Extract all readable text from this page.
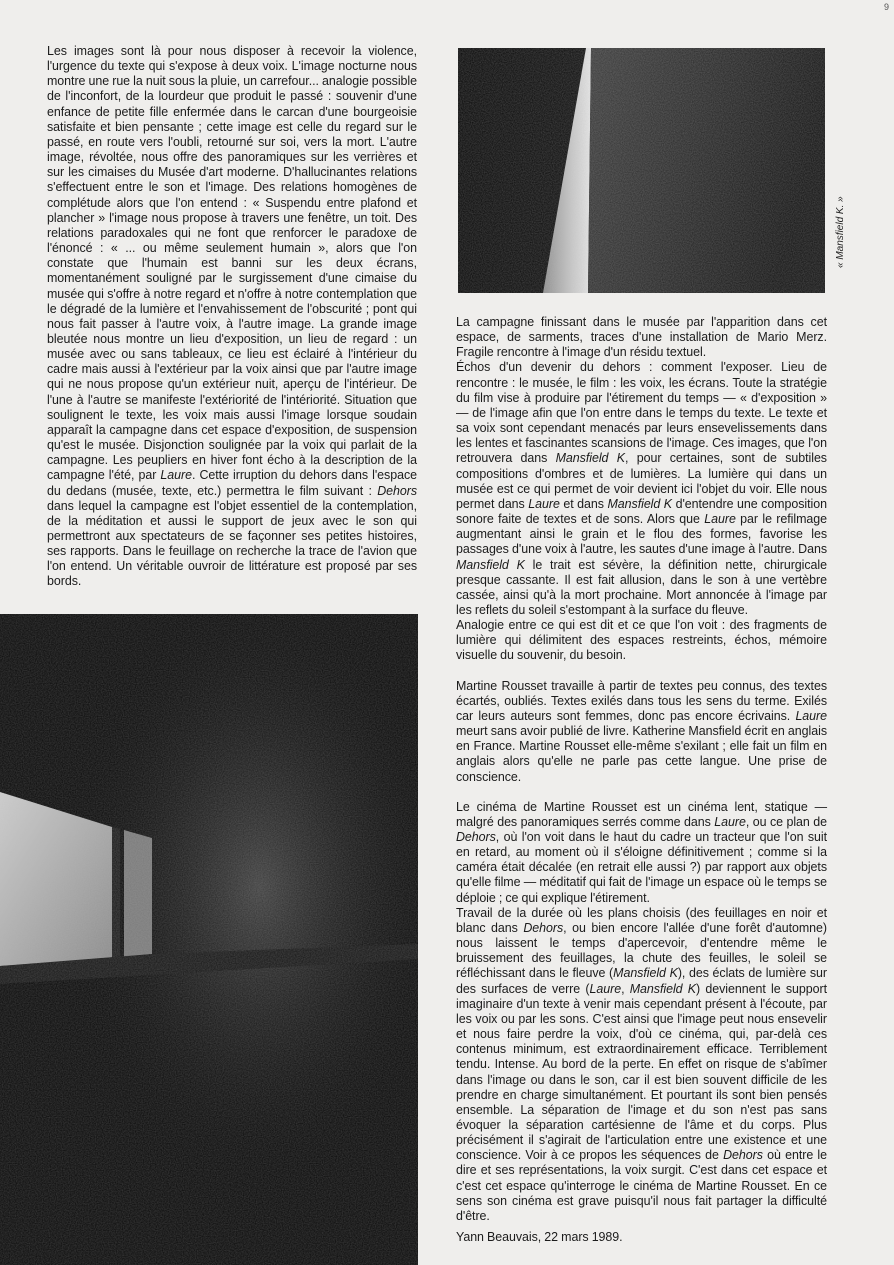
9

Les images sont là pour nous disposer à recevoir la violence, l'urgence du texte qui s'expose à deux voix. L'image nocturne nous montre une rue la nuit sous la pluie, un carrefour... analogie possible de l'inconfort, de la lourdeur que produit le passé : souvenir d'une enfance de petite fille enfermée dans le carcan d'une bourgeoisie satisfaite et bien pensante ; cette image est celle du regard sur le passé, en route vers l'oubli, retourné sur soi, vers la mort. L'autre image, révoltée, nous offre des panoramiques sur les verrières et sur les cimaises du Musée d'art moderne. D'hallucinantes relations s'effectuent entre le son et l'image. Des relations homogènes de complétude alors que l'on entend : « Suspendu entre plafond et plancher » l'image nous propose à travers une fenêtre, un toit. Des relations paradoxales qui ne font que renforcer le paradoxe de l'énoncé : « ... ou même seulement humain », alors que l'on constate que l'humain est banni sur les deux écrans, momentanément souligné par le surgissement d'une cimaise du musée qui s'offre à notre regard et n'offre à notre contemplation que le dégradé de la lumière et l'envahissement de l'obscurité ; pont qui nous fait passer à l'autre voix, à l'autre image. La grande image bleutée nous montre un lieu d'exposition, un lieu de regard : un musée avec ou sans tableaux, ce lieu est éclairé à l'intérieur du cadre mais aussi à l'extérieur par la voix ainsi que par l'autre image qui ne nous propose qu'un extérieur nuit, aperçu de l'intérieur. De l'une à l'autre se manifeste l'extériorité de l'intériorité. Situation que soulignent le texte, les voix mais aussi l'image lorsque soudain apparaît la campagne dans cet espace d'exposition, de suspension qu'est le musée. Disjonction soulignée par la voix qui parlait de la campagne. Les peupliers en hiver font écho à la description de la campagne l'été, par Laure. Cette irruption du dehors dans l'espace du dedans (musée, texte, etc.) permettra le film suivant : Dehors dans lequel la campagne est l'objet essentiel de la contemplation, de la méditation et aussi le support de jeux avec le son qui permettront aux spectateurs de se façonner ses petites histoires, ses rapports. Dans le feuillage on recherche la trace de l'avion que l'on entend. Un véritable ouvroir de littérature est proposé par ses bords.

« Mansfield K. »

La campagne finissant dans le musée par l'apparition dans cet espace, de sarments, traces d'une installation de Mario Merz. Fragile rencontre à l'image d'un résidu textuel.

Échos d'un devenir du dehors : comment l'exposer. Lieu de rencontre : le musée, le film : les voix, les écrans. Toute la stratégie du film vise à produire par l'étirement du temps — « d'exposition » — de l'image afin que l'on entre dans le temps du texte. Le texte et sa voix sont cependant menacés par leurs ensevelissements dans les lentes et fascinantes scansions de l'image. Ces images, que l'on retrouvera dans Mansfield K, pour certaines, sont de subtiles compositions d'ombres et de lumières. La lumière qui dans un musée est ce qui permet de voir devient ici l'objet du voir. Elle nous permet dans Laure et dans Mansfield K d'entendre une composition sonore faite de textes et de sons. Alors que Laure par le refilmage augmentant ainsi le grain et le flou des formes, favorise les passages d'une voix à l'autre, les sautes d'une image à l'autre. Dans Mansfield K le trait est sévère, la définition nette, chirurgicale presque cassante. Il est fait allusion, dans le son à une vertèbre cassée, ainsi qu'à la mort prochaine. Mort annoncée à l'image par les reflets du soleil s'estompant à la surface du fleuve.

Analogie entre ce qui est dit et ce que l'on voit : des fragments de lumière qui délimitent des espaces restreints, échos, mémoire visuelle du souvenir, du besoin.

Martine Rousset travaille à partir de textes peu connus, des textes écartés, oubliés. Textes exilés dans tous les sens du terme. Exilés car leurs auteurs sont femmes, donc pas encore écrivains. Laure meurt sans avoir publié de livre. Katherine Mansfield écrit en anglais en France. Martine Rousset elle-même s'exilant ; elle fait un film en anglais alors qu'elle ne parle pas cette langue. Une prise de conscience.

Le cinéma de Martine Rousset est un cinéma lent, statique — malgré des panoramiques serrés comme dans Laure, ou ce plan de Dehors, où l'on voit dans le haut du cadre un tracteur que l'on suit en retard, au moment où il s'éloigne définitivement ; comme si la caméra était décalée (en retrait elle aussi ?) par rapport aux objets qu'elle filme — méditatif qui fait de l'image un espace où le temps se déploie ; ce qui explique l'étirement.

Travail de la durée où les plans choisis (des feuillages en noir et blanc dans Dehors, ou bien encore l'allée d'une forêt d'automne) nous laissent le temps d'apercevoir, d'entendre même le bruissement des feuillages, la chute des feuilles, le soleil se réfléchissant dans le fleuve (Mansfield K), des éclats de lumière sur des surfaces de verre (Laure, Mansfield K) deviennent le support imaginaire d'un texte à venir mais cependant présent à l'écoute, par les voix ou par les sons. C'est ainsi que l'image peut nous ensevelir et nous faire perdre la voix, d'où ce cinéma, qui, par-delà ces contenus minimum, est extraordinairement efficace. Terriblement tendu. Intense. Au bord de la perte. En effet on risque de s'abîmer dans l'image ou dans le son, car il est bien souvent difficile de les prendre en charge simultanément. Et pourtant ils sont bien pensés ensemble. La séparation de l'image et du son n'est pas sans évoquer la séparation cartésienne de l'âme et du corps. Plus précisément il s'agirait de l'articulation entre une existence et une conscience. Voir à ce propos les séquences de Dehors où entre le dire et ses représentations, la voix surgit. C'est dans cet espace et c'est cet espace qu'interroge le cinéma de Martine Rousset. En ce sens son cinéma est grave puisqu'il nous fait partager la difficulté d'être.

Yann Beauvais, 22 mars 1989.
